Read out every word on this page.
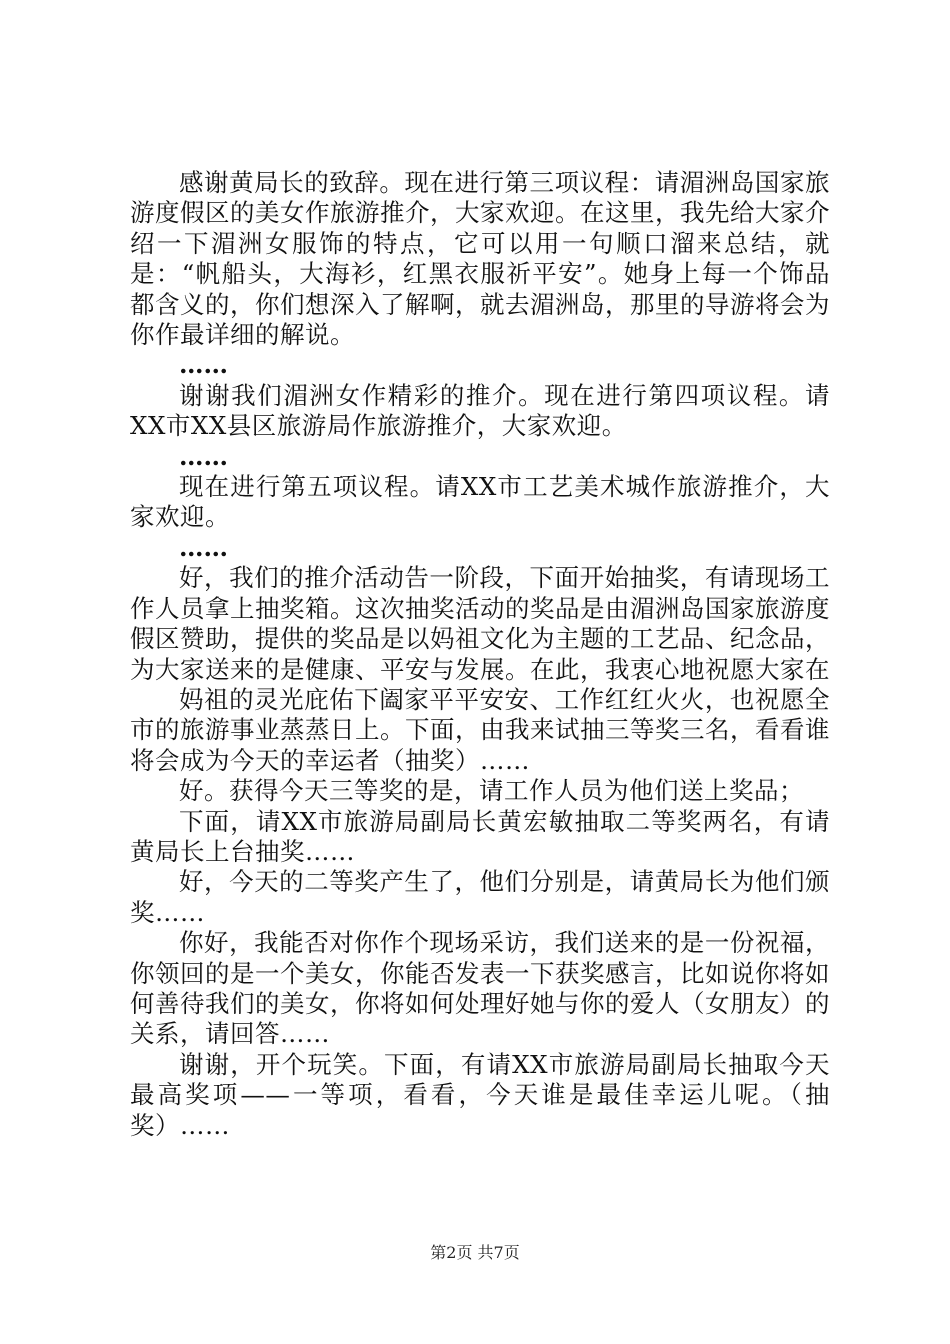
感谢黄局长的致辞。现在进行第三项议程：请湄洲岛国家旅游度假区的美女作旅游推介，大家欢迎。在这里，我先给大家介绍一下湄洲女服饰的特点，它可以用一句顺口溜来总结，就是：“帆船头，大海衫，红黑衣服祈平安”。她身上每一个饰品都含义的，你们想深入了解啊，就去湄洲岛，那里的导游将会为你作最详细的解说。

……

谢谢我们湄洲女作精彩的推介。现在进行第四项议程。请XX市XX县区旅游局作旅游推介，大家欢迎。

……

现在进行第五项议程。请XX市工艺美术城作旅游推介，大家欢迎。

……

好，我们的推介活动告一阶段，下面开始抽奖，有请现场工作人员拿上抽奖箱。这次抽奖活动的奖品是由湄洲岛国家旅游度假区赞助，提供的奖品是以妈祖文化为主题的工艺品、纪念品，为大家送来的是健康、平安与发展。在此，我衷心地祝愿大家在

妈祖的灵光庇佑下阖家平平安安、工作红红火火，也祝愿全市的旅游事业蒸蒸日上。下面，由我来试抽三等奖三名，看看谁将会成为今天的幸运者（抽奖）……

好。获得今天三等奖的是，请工作人员为他们送上奖品；

下面，请XX市旅游局副局长黄宏敏抽取二等奖两名，有请黄局长上台抽奖……

好，今天的二等奖产生了，他们分别是，请黄局长为他们颁奖……

你好，我能否对你作个现场采访，我们送来的是一份祝福，你领回的是一个美女，你能否发表一下获奖感言，比如说你将如何善待我们的美女，你将如何处理好她与你的爱人（女朋友）的关系，请回答……

谢谢，开个玩笑。下面，有请XX市旅游局副局长抽取今天最高奖项——一等项，看看，今天谁是最佳幸运儿呢。（抽奖）……

第2页 共7页
